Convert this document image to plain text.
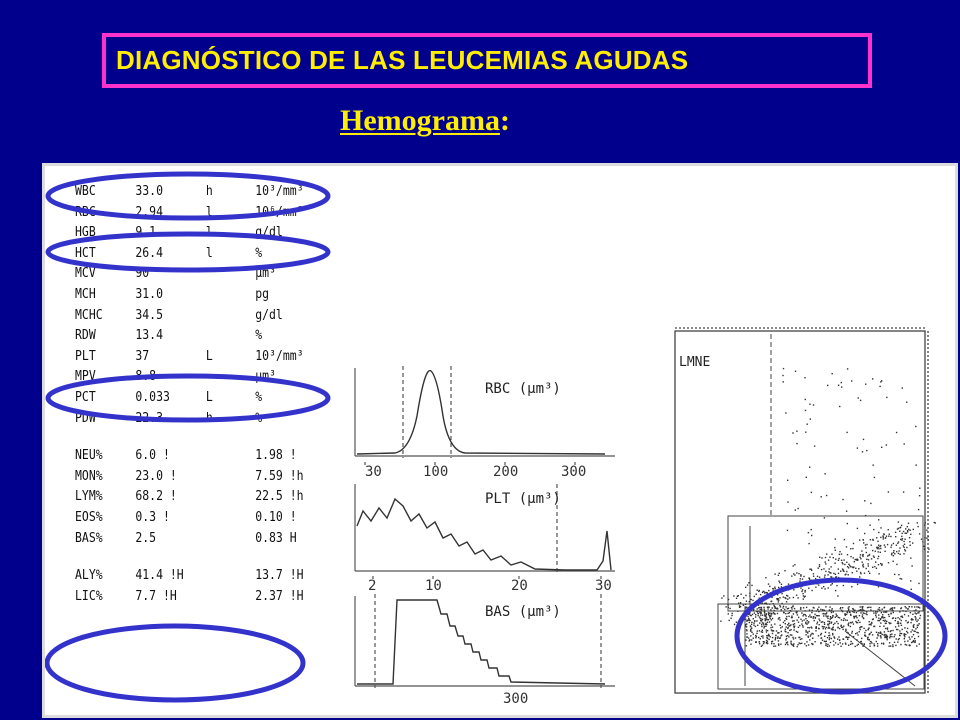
DIAGNÓSTICO DE LAS LEUCEMIAS AGUDAS
Hemograma:
WBC	33.0	h	10³/mm³
RBC	2.94	l	10⁶/mm³
HGB	9.1	l	g/dl
HCT	26.4	l	%
MCV	90	µm³
MCH	31.0	pg
MCHC 34.5	g/dl
RDW	13.4	%
PLT	37	L	10³/mm³
MPV	8.8	µm³
PCT	0.033	L	%
PDW	22.3	h	%
NEU% 6.0 !	1.98 !
MON% 23.0 !	7.59 !h
LYM% 68.2 !	22.5 !h
EOS% 0.3 !	0.10 !
BAS% 2.5	0.83 H
ALY% 41.4 !H	13.7 !H
LIC% 7.7 !H	2.37 !H
RBC (µm³)
30	100	200	300
PLT (µm³)
2	10	20	30
BAS (µm³)
300
LMNE
